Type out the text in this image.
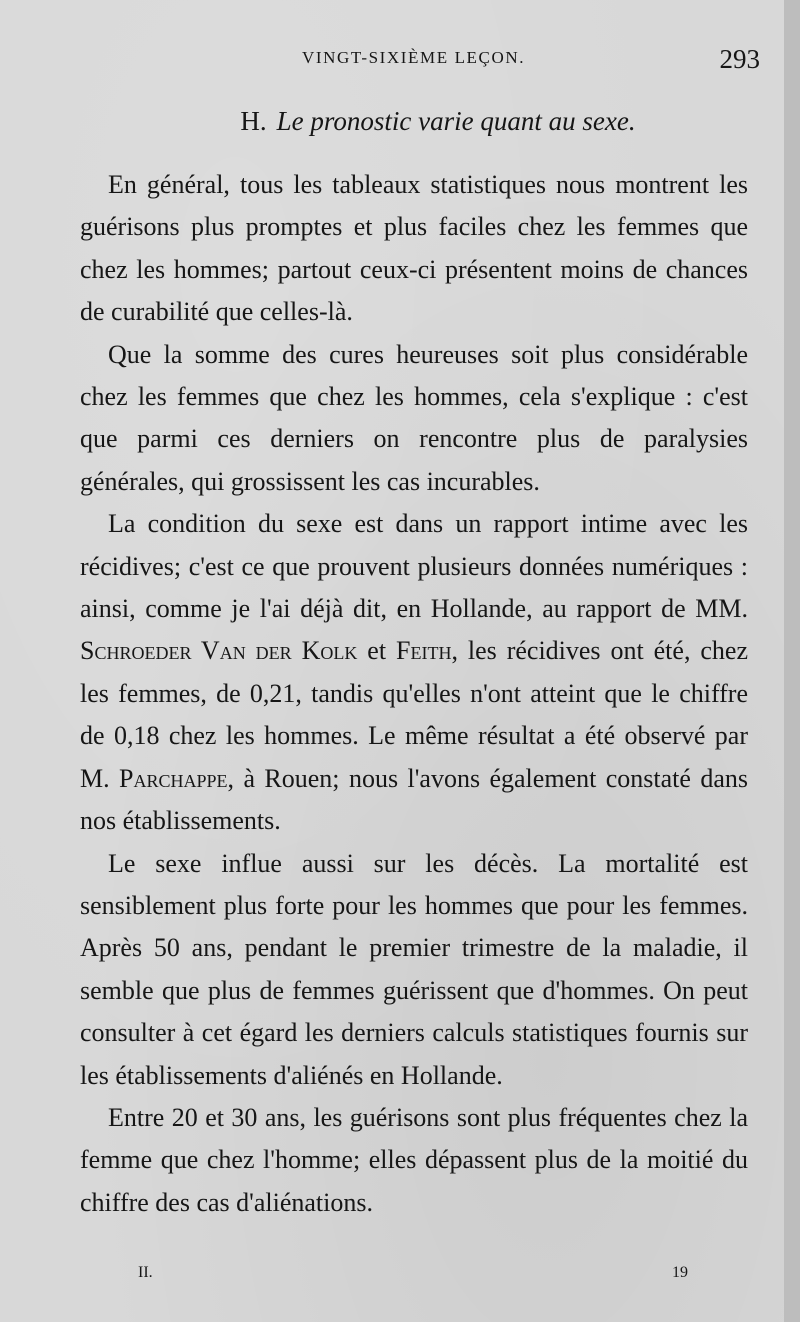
VINGT-SIXIÈME LEÇON.	293
H. Le pronostic varie quant au sexe.

En général, tous les tableaux statistiques nous montrent les guérisons plus promptes et plus faciles chez les femmes que chez les hommes; partout ceux-ci présentent moins de chances de curabilité que celles-là.

Que la somme des cures heureuses soit plus considérable chez les femmes que chez les hommes, cela s'explique : c'est que parmi ces derniers on rencontre plus de paralysies générales, qui grossissent les cas incurables.

La condition du sexe est dans un rapport intime avec les récidives; c'est ce que prouvent plusieurs données numériques : ainsi, comme je l'ai déjà dit, en Hollande, au rapport de MM. Schroeder Van der Kolk et Feith, les récidives ont été, chez les femmes, de 0,21, tandis qu'elles n'ont atteint que le chiffre de 0,18 chez les hommes. Le même résultat a été observé par M. Parchappe, à Rouen; nous l'avons également constaté dans nos établissements.

Le sexe influe aussi sur les décès. La mortalité est sensiblement plus forte pour les hommes que pour les femmes. Après 50 ans, pendant le premier trimestre de la maladie, il semble que plus de femmes guérissent que d'hommes. On peut consulter à cet égard les derniers calculs statistiques fournis sur les établissements d'aliénés en Hollande.

Entre 20 et 30 ans, les guérisons sont plus fréquentes chez la femme que chez l'homme; elles dépassent plus de la moitié du chiffre des cas d'aliénations.

II.	19
